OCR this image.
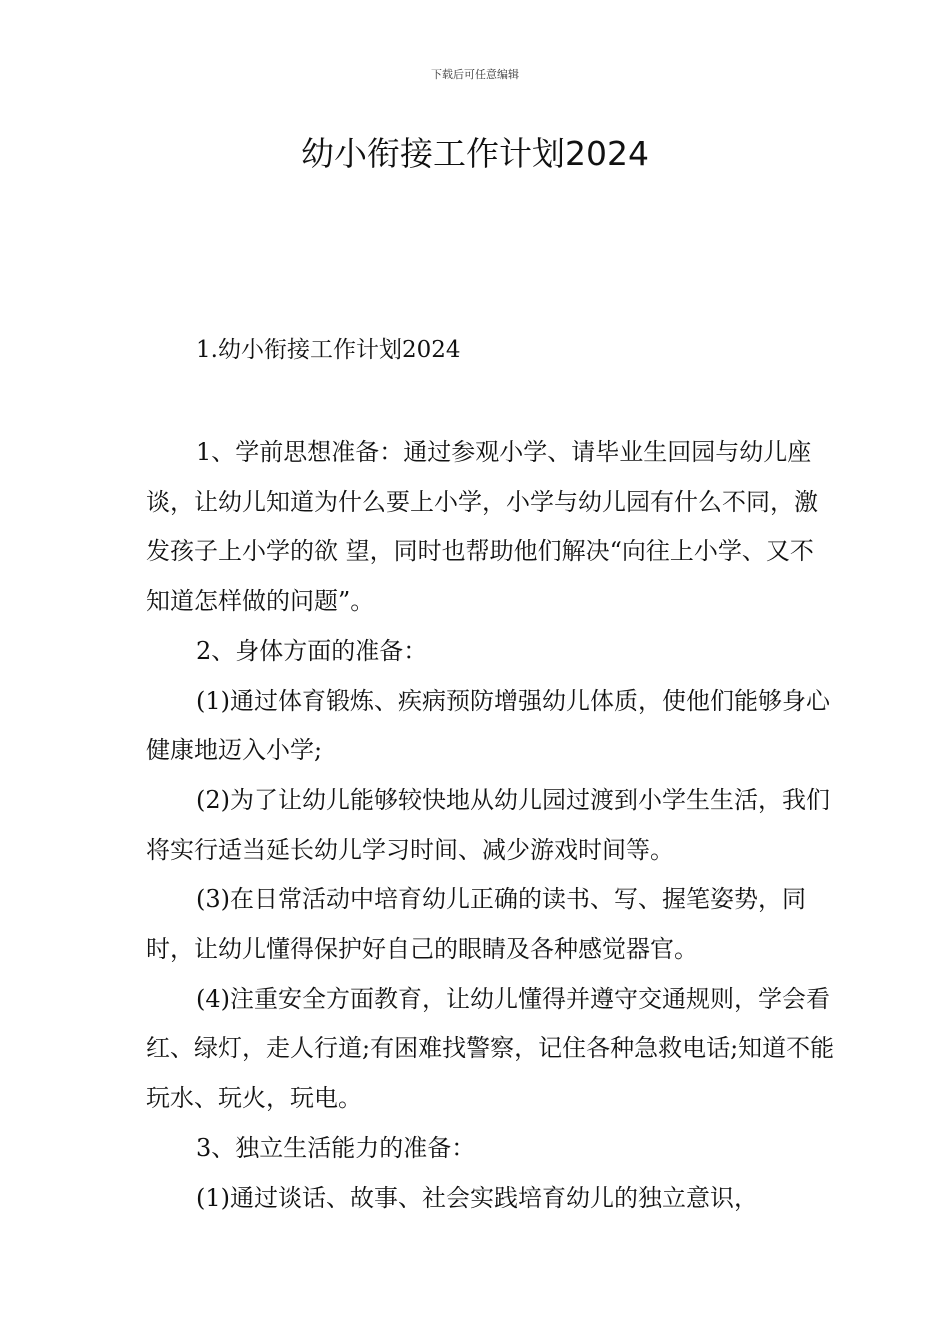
下载后可任意编辑
幼小衔接工作计划2024
1.幼小衔接工作计划2024

1、学前思想准备：通过参观小学、请毕业生回园与幼儿座谈，让幼儿知道为什么要上小学，小学与幼儿园有什么不同，激发孩子上小学的欲 望，同时也帮助他们解决“向往上小学、又不知道怎样做的问题”。

2、身体方面的准备：

(1)通过体育锻炼、疾病预防增强幼儿体质，使他们能够身心健康地迈入小学;

(2)为了让幼儿能够较快地从幼儿园过渡到小学生生活，我们将实行适当延长幼儿学习时间、减少游戏时间等。

(3)在日常活动中培育幼儿正确的读书、写、握笔姿势，同时，让幼儿懂得保护好自己的眼睛及各种感觉器官。

(4)注重安全方面教育，让幼儿懂得并遵守交通规则，学会看红、绿灯，走人行道;有困难找警察，记住各种急救电话;知道不能玩水、玩火，玩电。

3、独立生活能力的准备：

(1)通过谈话、故事、社会实践培育幼儿的独立意识，
